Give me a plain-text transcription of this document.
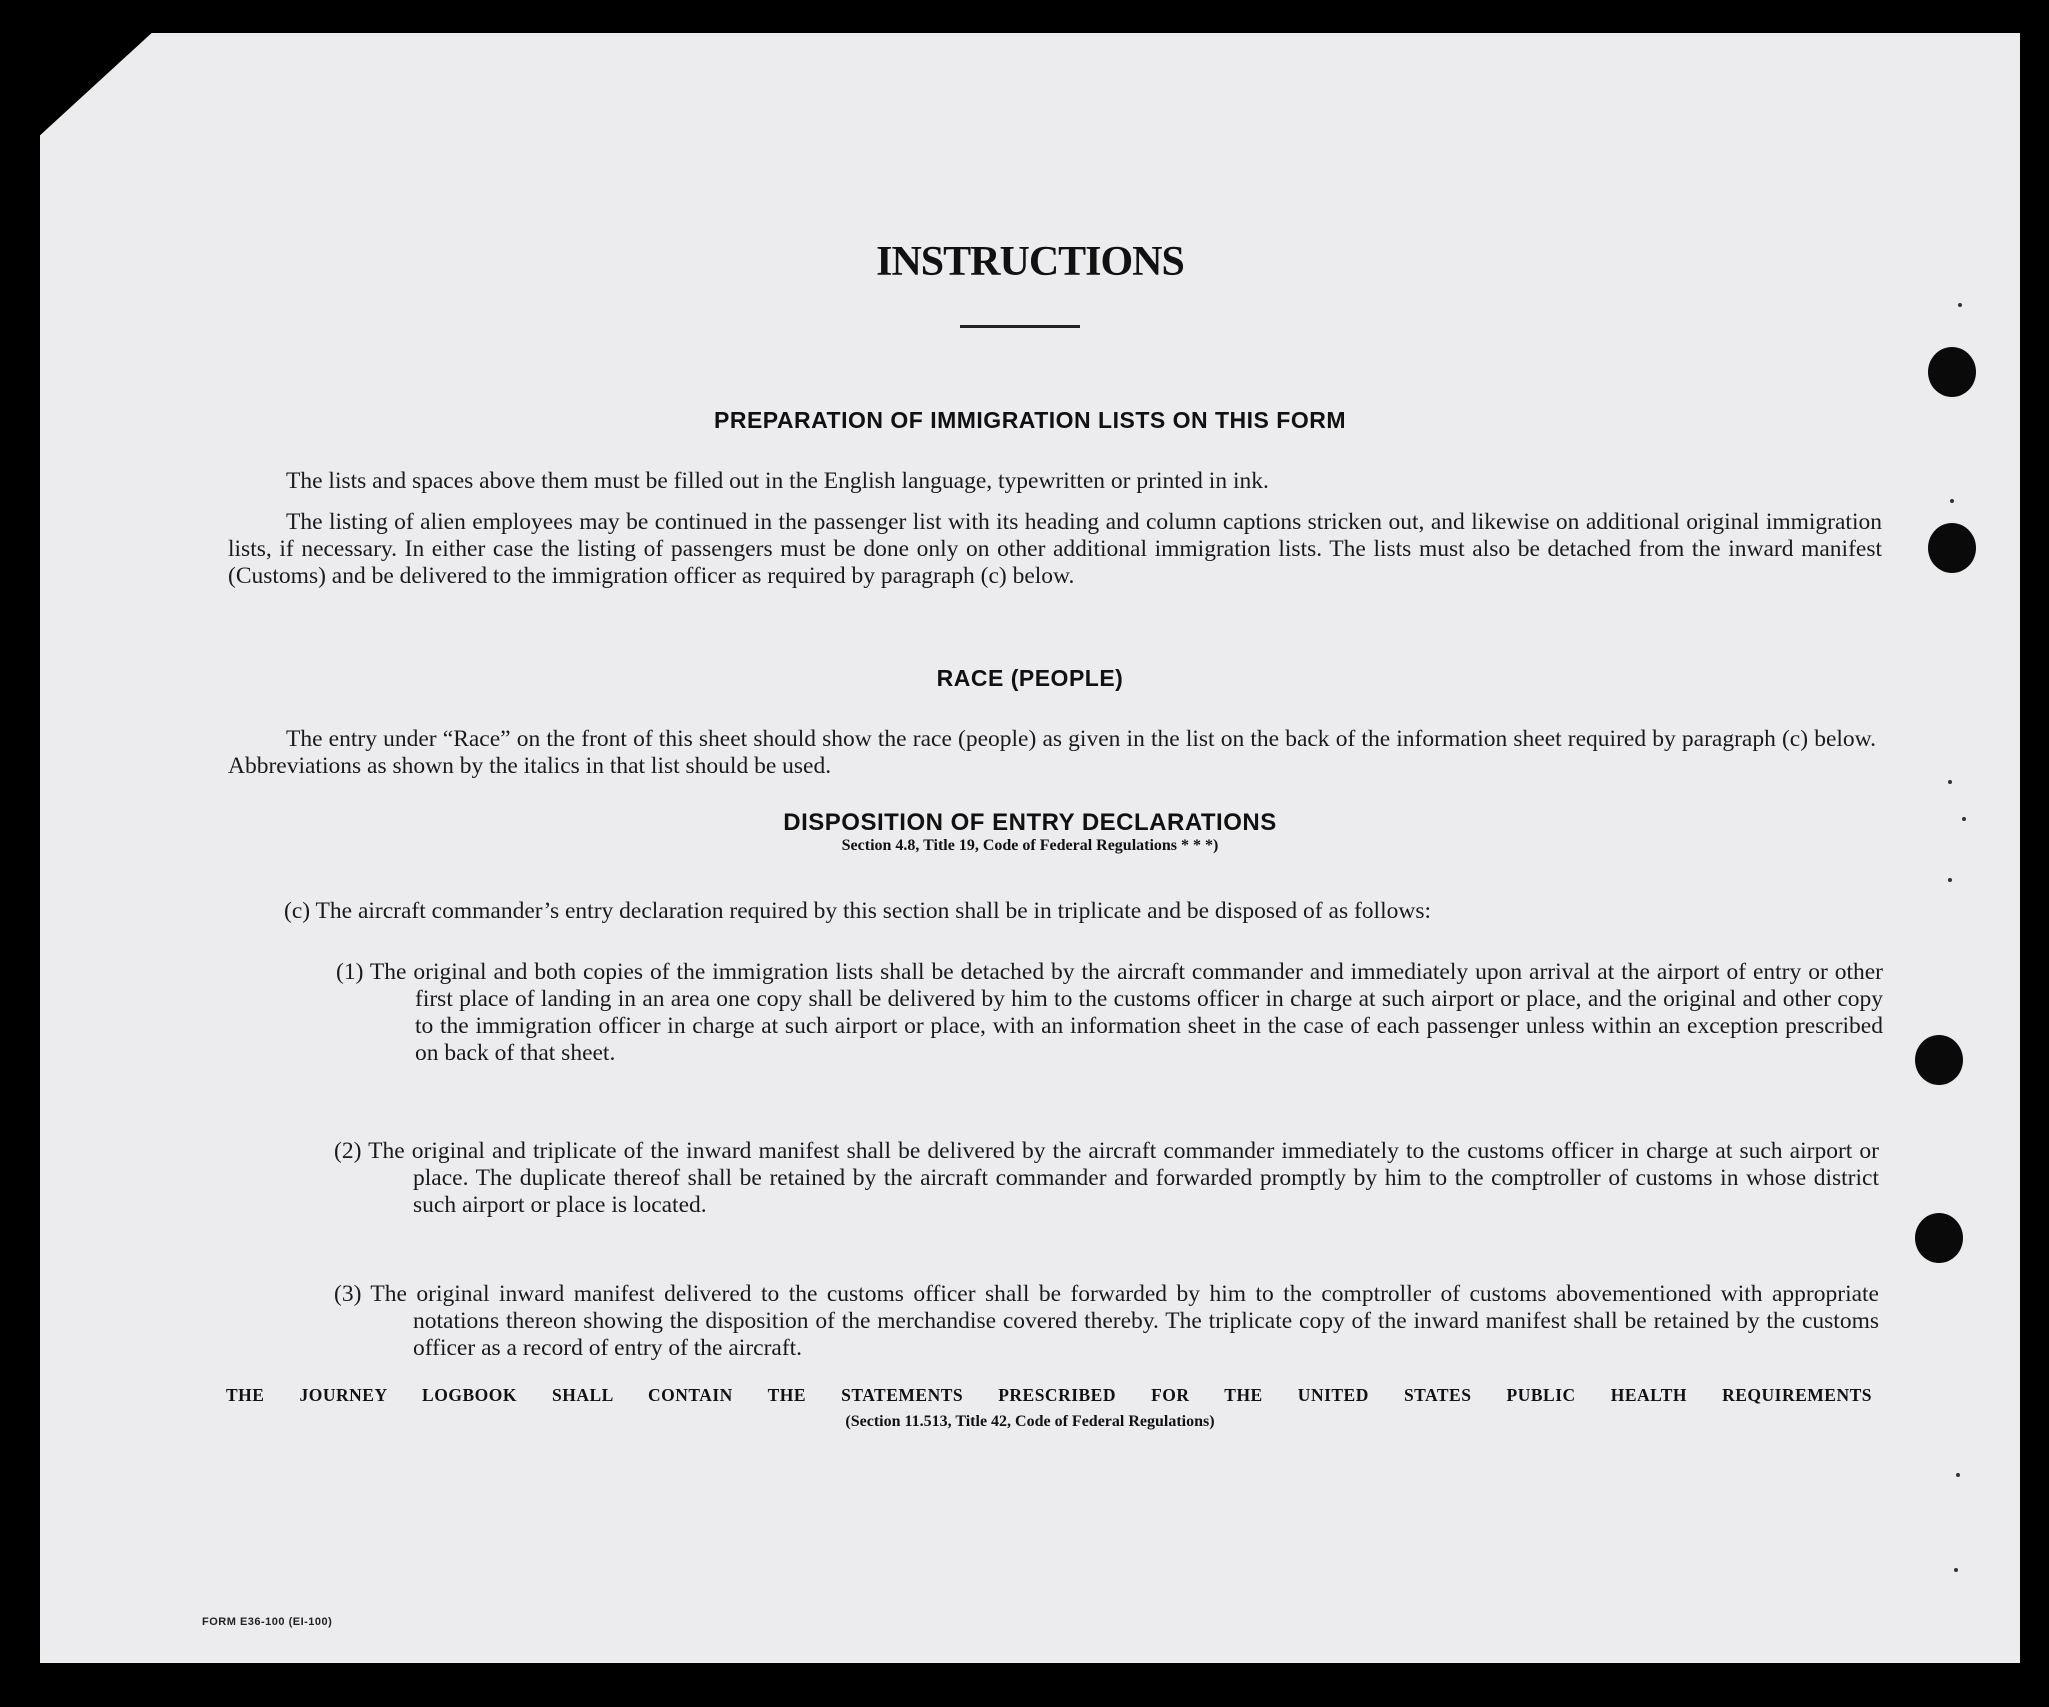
INSTRUCTIONS
PREPARATION OF IMMIGRATION LISTS ON THIS FORM

The lists and spaces above them must be filled out in the English language, typewritten or printed in ink.

The listing of alien employees may be continued in the passenger list with its heading and column captions stricken out, and likewise on additional original immigration lists, if necessary. In either case the listing of passengers must be done only on other additional immigration lists. The lists must also be detached from the inward manifest (Customs) and be delivered to the immigration officer as required by paragraph (c) below.

RACE (PEOPLE)

The entry under “Race” on the front of this sheet should show the race (people) as given in the list on the back of the information sheet required by paragraph (c) below. Abbreviations as shown by the italics in that list should be used.

DISPOSITION OF ENTRY DECLARATIONS
Section 4.8, Title 19, Code of Federal Regulations * * *)

(c) The aircraft commander’s entry declaration required by this section shall be in triplicate and be disposed of as follows:

(1) The original and both copies of the immigration lists shall be detached by the aircraft commander and immediately upon arrival at the airport of entry or other first place of landing in an area one copy shall be delivered by him to the customs officer in charge at such airport or place, and the original and other copy to the immigration officer in charge at such airport or place, with an information sheet in the case of each passenger unless within an exception prescribed on back of that sheet.

(2) The original and triplicate of the inward manifest shall be delivered by the aircraft commander immediately to the customs officer in charge at such airport or place. The duplicate thereof shall be retained by the aircraft commander and forwarded promptly by him to the comptroller of customs in whose district such airport or place is located.

(3) The original inward manifest delivered to the customs officer shall be forwarded by him to the comptroller of customs abovementioned with appropriate notations thereon showing the disposition of the merchandise covered thereby. The triplicate copy of the inward manifest shall be retained by the customs officer as a record of entry of the aircraft.

THE JOURNEY LOGBOOK SHALL CONTAIN THE STATEMENTS PRESCRIBED FOR THE UNITED STATES PUBLIC HEALTH REQUIREMENTS
(Section 11.513, Title 42, Code of Federal Regulations)
FORM E36-100 (EI-100)
